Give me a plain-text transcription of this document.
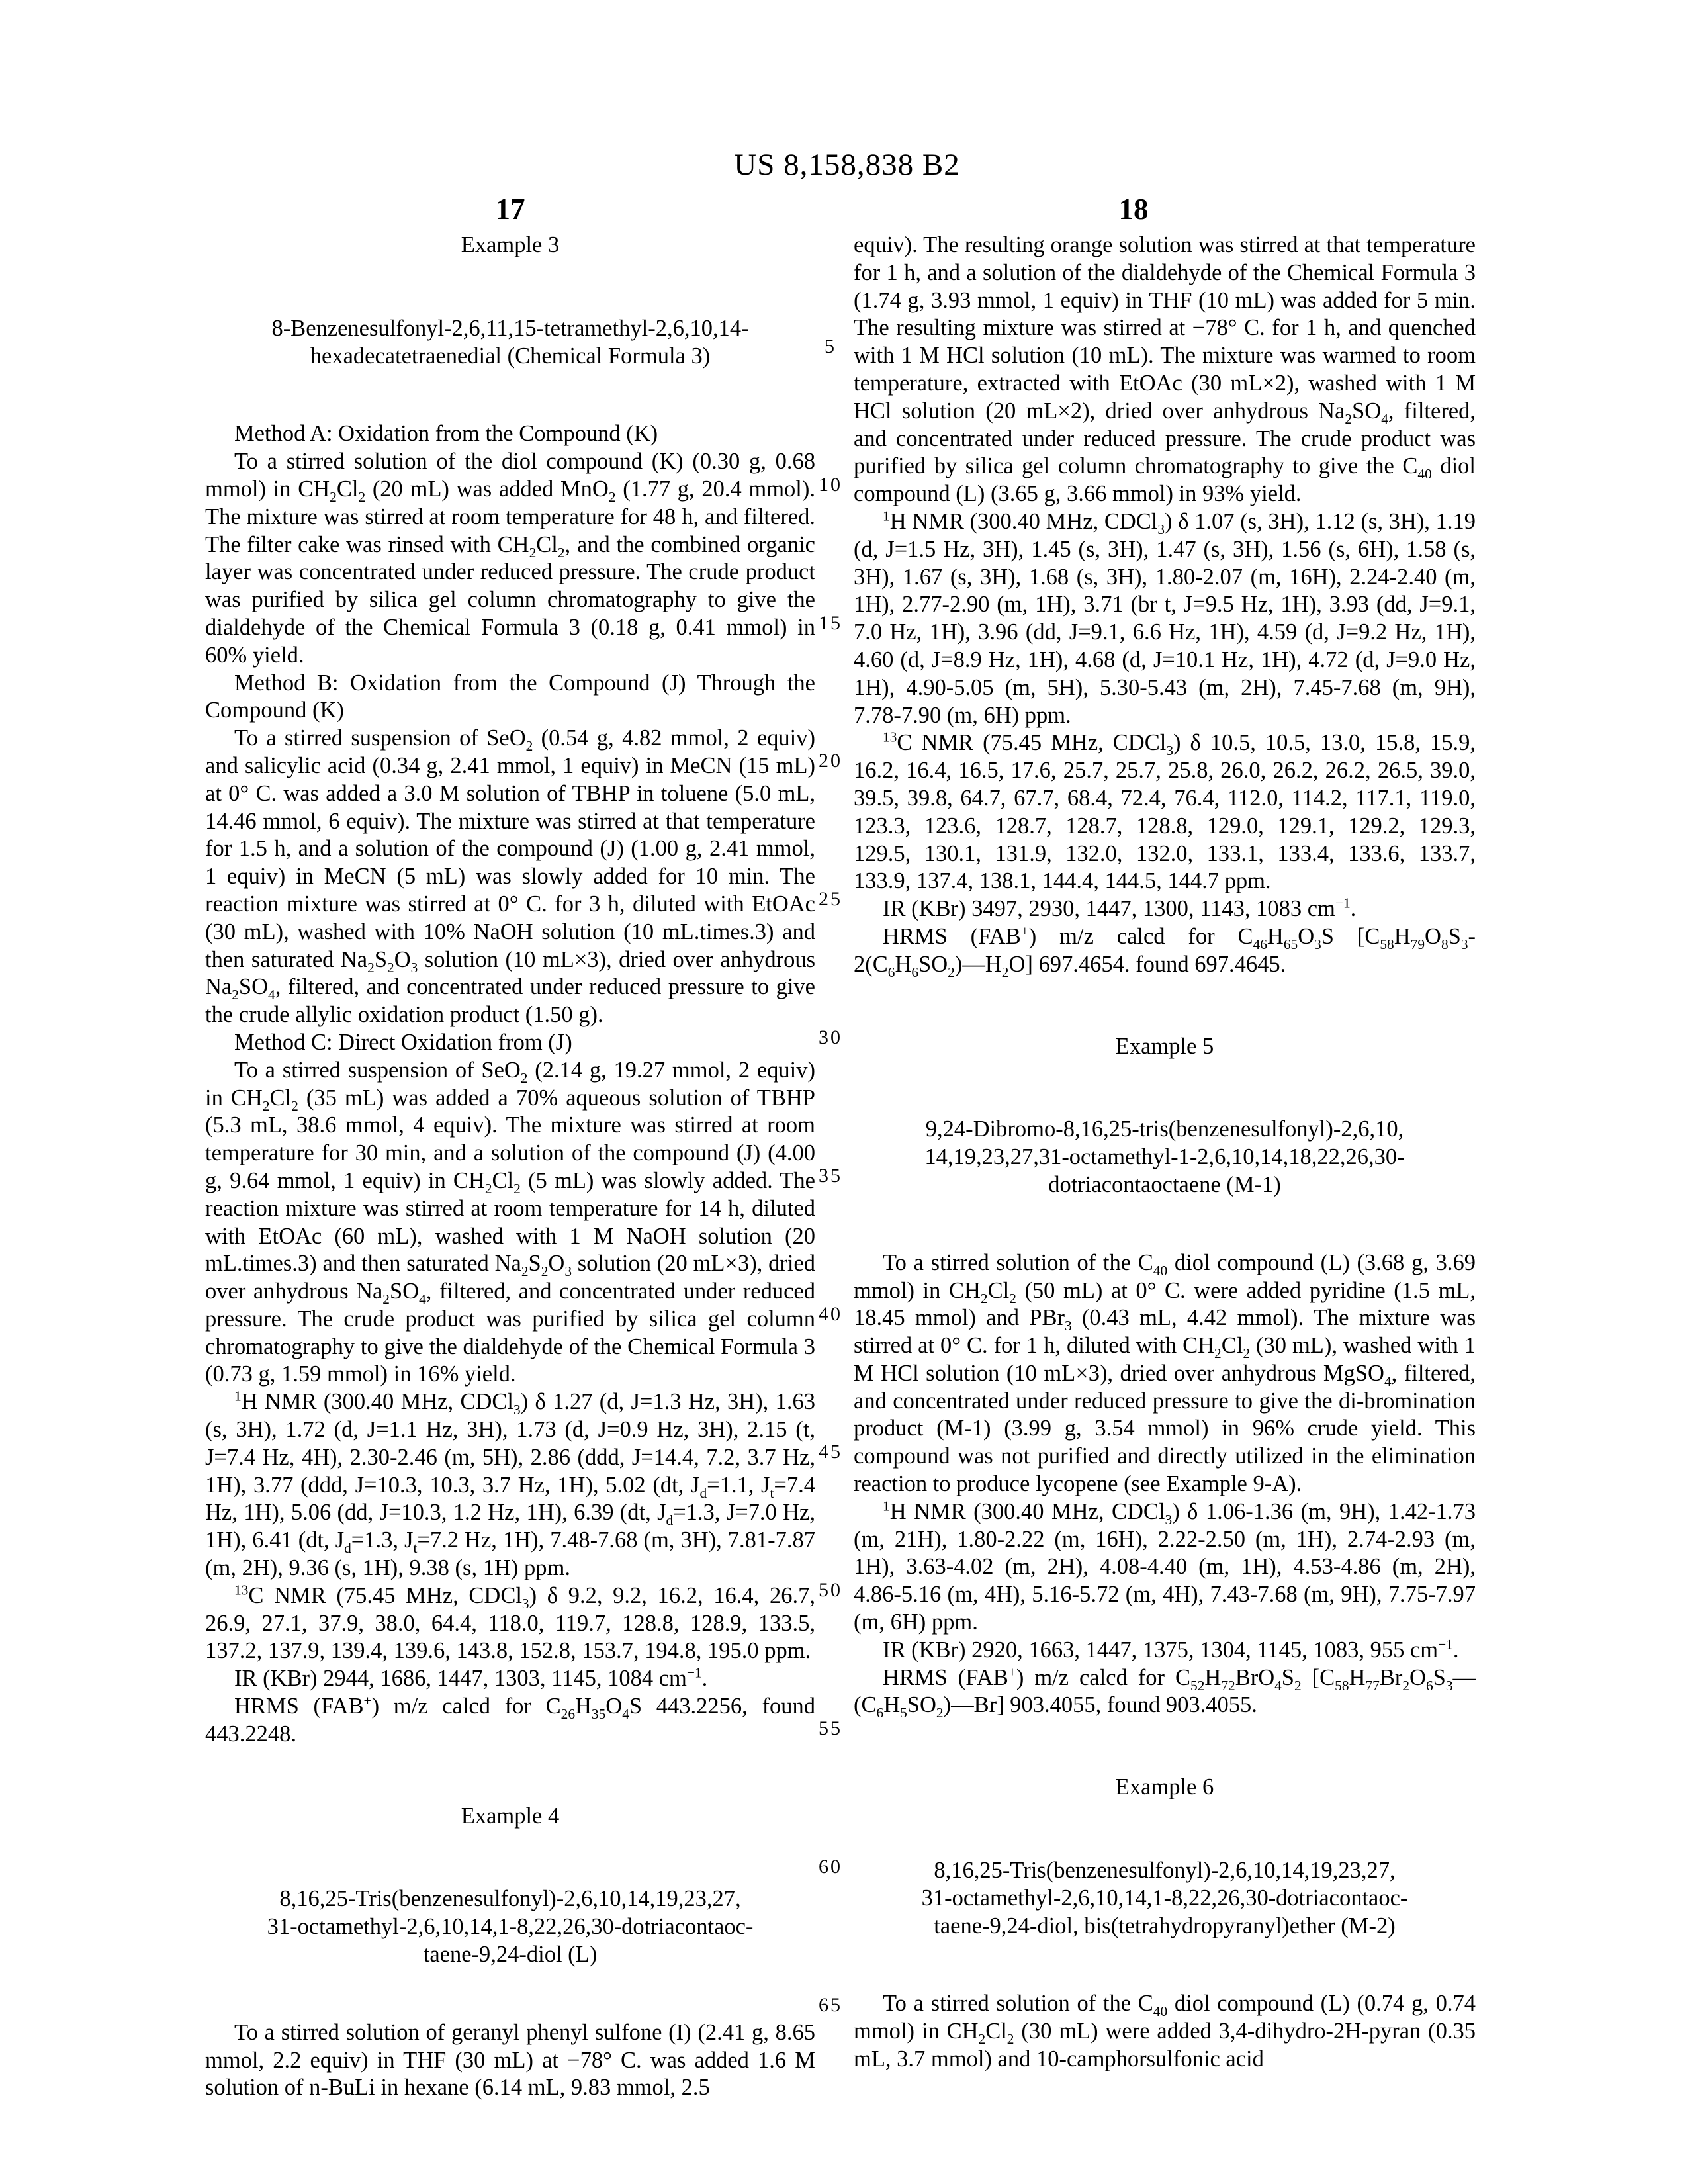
US 8,158,838 B2
17	18
5
10
15
20
25
30
35
40
45
50
55
60
65
Example 3
8-Benzenesulfonyl-2,6,11,15-tetramethyl-2,6,10,14-
hexadecatetraenedial (Chemical Formula 3)

Method A: Oxidation from the Compound (K)

To a stirred solution of the diol compound (K) (0.30 g, 0.68 mmol) in $CH_2Cl_2$ (20 mL) was added MnO$_2$ (1.77 g, 20.4 mmol). The mixture was stirred at room temperature for 48 h, and filtered. The filter cake was rinsed with $CH_2Cl_2$, and the combined organic layer was concentrated under reduced pressure. The crude product was purified by silica gel column chromatography to give the dialdehyde of the Chemical Formula 3 (0.18 g, 0.41 mmol) in 60% yield.

Method B: Oxidation from the Compound (J) Through the Compound (K)

To a stirred suspension of SeO$_2$ (0.54 g, 4.82 mmol, 2 equiv) and salicylic acid (0.34 g, 2.41 mmol, 1 equiv) in MeCN (15 mL) at 0° C. was added a 3.0 M solution of TBHP in toluene (5.0 mL, 14.46 mmol, 6 equiv). The mixture was stirred at that temperature for 1.5 h, and a solution of the compound (J) (1.00 g, 2.41 mmol, 1 equiv) in MeCN (5 mL) was slowly added for 10 min. The reaction mixture was stirred at 0° C. for 3 h, diluted with EtOAc (30 mL), washed with 10% NaOH solution (10 mL.times.3) and then saturated $Na_2S_2O_3$ solution (10 mL×3), dried over anhydrous $Na_2SO_4$, filtered, and concentrated under reduced pressure to give the crude allylic oxidation product (1.50 g).

Method C: Direct Oxidation from (J)

To a stirred suspension of SeO$_2$ (2.14 g, 19.27 mmol, 2 equiv) in $CH_2Cl_2$ (35 mL) was added a 70% aqueous solution of TBHP (5.3 mL, 38.6 mmol, 4 equiv). The mixture was stirred at room temperature for 30 min, and a solution of the compound (J) (4.00 g, 9.64 mmol, 1 equiv) in $CH_2Cl_2$ (5 mL) was slowly added. The reaction mixture was stirred at room temperature for 14 h, diluted with EtOAc (60 mL), washed with 1 M NaOH solution (20 mL.times.3) and then saturated $Na_2S_2O_3$ solution (20 mL×3), dried over anhydrous $Na_2SO_4$, filtered, and concentrated under reduced pressure. The crude product was purified by silica gel column chromatography to give the dialdehyde of the Chemical Formula 3 (0.73 g, 1.59 mmol) in 16% yield.

$^1$H NMR (300.40 MHz, CDCl$_3$) δ 1.27 (d, J=1.3 Hz, 3H), 1.63 (s, 3H), 1.72 (d, J=1.1 Hz, 3H), 1.73 (d, J=0.9 Hz, 3H), 2.15 (t, J=7.4 Hz, 4H), 2.30-2.46 (m, 5H), 2.86 (ddd, J=14.4, 7.2, 3.7 Hz, 1H), 3.77 (ddd, J=10.3, 10.3, 3.7 Hz, 1H), 5.02 (dt, $J_d=1.1$, $J_t=7.4$ Hz, 1H), 5.06 (dd, J=10.3, 1.2 Hz, 1H), 6.39 (dt, $J_d=1.3$, J=7.0 Hz, 1H), 6.41 (dt, $J_d=1.3$, $J_t=7.2$ Hz, 1H), 7.48-7.68 (m, 3H), 7.81-7.87 (m, 2H), 9.36 (s, 1H), 9.38 (s, 1H) ppm.

$^{13}$C NMR (75.45 MHz, CDCl$_3$) δ 9.2, 9.2, 16.2, 16.4, 26.7, 26.9, 27.1, 37.9, 38.0, 64.4, 118.0, 119.7, 128.8, 128.9, 133.5, 137.2, 137.9, 139.4, 139.6, 143.8, 152.8, 153.7, 194.8, 195.0 ppm.

IR (KBr) 2944, 1686, 1447, 1303, 1145, 1084 $cm^{-1}$.

HRMS (FAB+) m/z calcd for $C_{26}H_{35}O_4S$ 443.2256, found 443.2248.

Example 4
8,16,25-Tris(benzenesulfonyl)-2,6,10,14,19,23,27,
31-octamethyl-2,6,10,14,1-8,22,26,30-dotriacontaoc-
taene-9,24-diol (L)

To a stirred solution of geranyl phenyl sulfone (I) (2.41 g, 8.65 mmol, 2.2 equiv) in THF (30 mL) at −78° C. was added 1.6 M solution of n-BuLi in hexane (6.14 mL, 9.83 mmol, 2.5

equiv). The resulting orange solution was stirred at that temperature for 1 h, and a solution of the dialdehyde of the Chemical Formula 3 (1.74 g, 3.93 mmol, 1 equiv) in THF (10 mL) was added for 5 min. The resulting mixture was stirred at −78° C. for 1 h, and quenched with 1 M HCl solution (10 mL). The mixture was warmed to room temperature, extracted with EtOAc (30 mL×2), washed with 1 M HCl solution (20 mL×2), dried over anhydrous $Na_2SO_4$, filtered, and concentrated under reduced pressure. The crude product was purified by silica gel column chromatography to give the $C_{40}$ diol compound (L) (3.65 g, 3.66 mmol) in 93% yield.

$^1$H NMR (300.40 MHz, CDCl$_3$) δ 1.07 (s, 3H), 1.12 (s, 3H), 1.19 (d, J=1.5 Hz, 3H), 1.45 (s, 3H), 1.47 (s, 3H), 1.56 (s, 6H), 1.58 (s, 3H), 1.67 (s, 3H), 1.68 (s, 3H), 1.80-2.07 (m, 16H), 2.24-2.40 (m, 1H), 2.77-2.90 (m, 1H), 3.71 (br t, J=9.5 Hz, 1H), 3.93 (dd, J=9.1, 7.0 Hz, 1H), 3.96 (dd, J=9.1, 6.6 Hz, 1H), 4.59 (d, J=9.2 Hz, 1H), 4.60 (d, J=8.9 Hz, 1H), 4.68 (d, J=10.1 Hz, 1H), 4.72 (d, J=9.0 Hz, 1H), 4.90-5.05 (m, 5H), 5.30-5.43 (m, 2H), 7.45-7.68 (m, 9H), 7.78-7.90 (m, 6H) ppm.

$^{13}$C NMR (75.45 MHz, CDCl$_3$) δ 10.5, 10.5, 13.0, 15.8, 15.9, 16.2, 16.4, 16.5, 17.6, 25.7, 25.7, 25.8, 26.0, 26.2, 26.2, 26.5, 39.0, 39.5, 39.8, 64.7, 67.7, 68.4, 72.4, 76.4, 112.0, 114.2, 117.1, 119.0, 123.3, 123.6, 128.7, 128.7, 128.8, 129.0, 129.1, 129.2, 129.3, 129.5, 130.1, 131.9, 132.0, 132.0, 133.1, 133.4, 133.6, 133.7, 133.9, 137.4, 138.1, 144.4, 144.5, 144.7 ppm.

IR (KBr) 3497, 2930, 1447, 1300, 1143, 1083 $cm^{-1}$.

HRMS (FAB+) m/z calcd for $C_{46}H_{65}O_3S$ $[C_{58}H_{79}O_8S_3-2(C_6H_6SO_2)—H_2O]$ 697.4654. found 697.4645.

Example 5
9,24-Dibromo-8,16,25-tris(benzenesulfonyl)-2,6,10,
14,19,23,27,31-octamethyl-1-2,6,10,14,18,22,26,30-
dotriacontaoctaene (M-1)

To a stirred solution of the $C_{40}$ diol compound (L) (3.68 g, 3.69 mmol) in $CH_2Cl_2$ (50 mL) at 0° C. were added pyridine (1.5 mL, 18.45 mmol) and PBr$_3$ (0.43 mL, 4.42 mmol). The mixture was stirred at 0° C. for 1 h, diluted with $CH_2Cl_2$ (30 mL), washed with 1 M HCl solution (10 mL×3), dried over anhydrous MgSO$_4$, filtered, and concentrated under reduced pressure to give the di-bromination product (M-1) (3.99 g, 3.54 mmol) in 96% crude yield. This compound was not purified and directly utilized in the elimination reaction to produce lycopene (see Example 9-A).

$^1$H NMR (300.40 MHz, CDCl$_3$) δ 1.06-1.36 (m, 9H), 1.42-1.73 (m, 21H), 1.80-2.22 (m, 16H), 2.22-2.50 (m, 1H), 2.74-2.93 (m, 1H), 3.63-4.02 (m, 2H), 4.08-4.40 (m, 1H), 4.53-4.86 (m, 2H), 4.86-5.16 (m, 4H), 5.16-5.72 (m, 4H), 7.43-7.68 (m, 9H), 7.75-7.97 (m, 6H) ppm.

IR (KBr) 2920, 1663, 1447, 1375, 1304, 1145, 1083, 955 $cm^{-1}$.

HRMS (FAB+) m/z calcd for $C_{52}H_{72}BrO_4S_2$ $[C_{58}H_{77}Br_2O_6S_3—(C_6H_5SO_2)—Br]$ 903.4055, found 903.4055.

Example 6
8,16,25-Tris(benzenesulfonyl)-2,6,10,14,19,23,27,
31-octamethyl-2,6,10,14,1-8,22,26,30-dotriacontaoc-
taene-9,24-diol, bis(tetrahydropyranyl)ether (M-2)

To a stirred solution of the $C_{40}$ diol compound (L) (0.74 g, 0.74 mmol) in $CH_2Cl_2$ (30 mL) were added 3,4-dihydro-2H-pyran (0.35 mL, 3.7 mmol) and 10-camphorsulfonic acid
